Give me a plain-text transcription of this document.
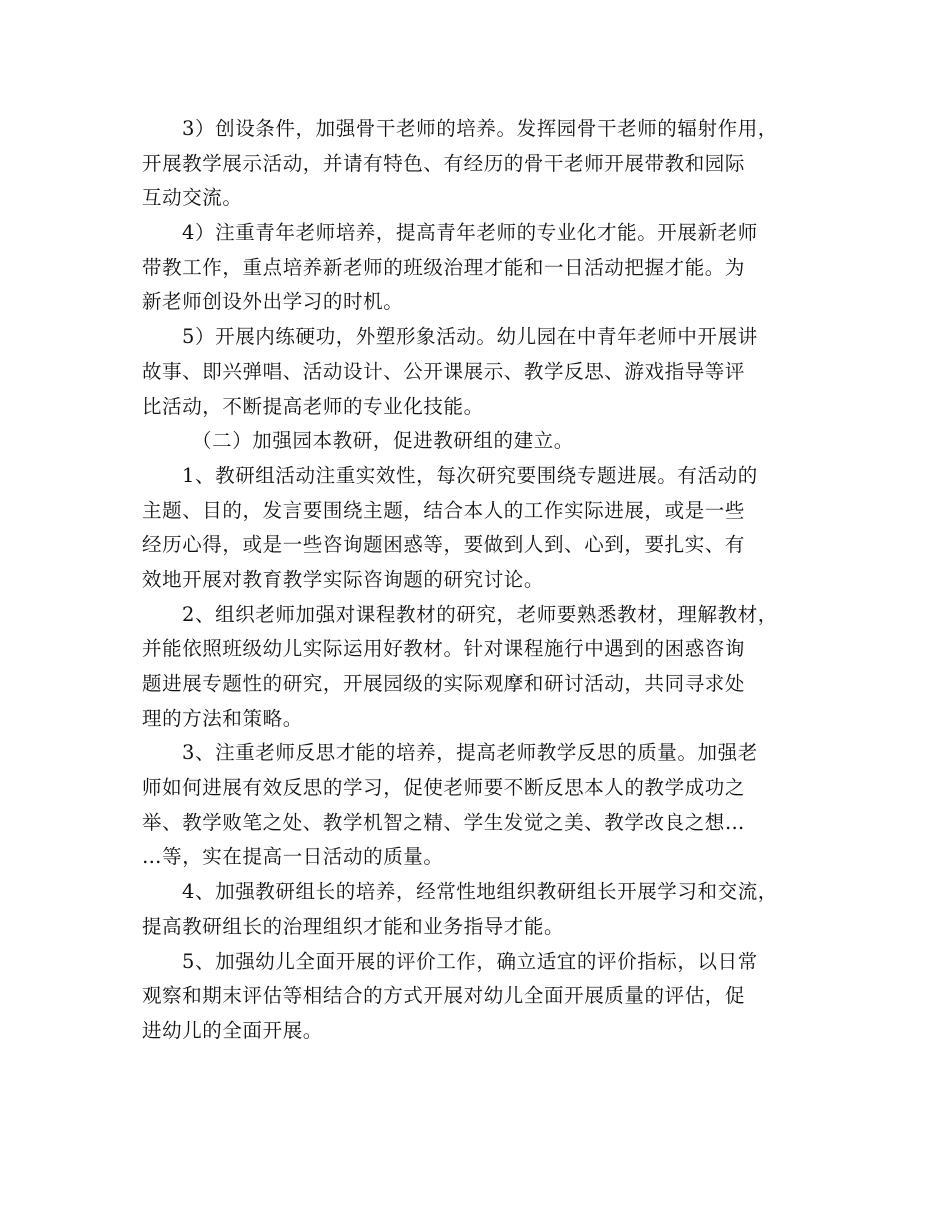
3）创设条件，加强骨干老师的培养。发挥园骨干老师的辐射作用，
开展教学展示活动，并请有特色、有经历的骨干老师开展带教和园际
互动交流。
4）注重青年老师培养，提高青年老师的专业化才能。开展新老师
带教工作，重点培养新老师的班级治理才能和一日活动把握才能。为
新老师创设外出学习的时机。
5）开展内练硬功，外塑形象活动。幼儿园在中青年老师中开展讲
故事、即兴弹唱、活动设计、公开课展示、教学反思、游戏指导等评
比活动，不断提高老师的专业化技能。
（二）加强园本教研，促进教研组的建立。
1、教研组活动注重实效性，每次研究要围绕专题进展。有活动的
主题、目的，发言要围绕主题，结合本人的工作实际进展，或是一些
经历心得，或是一些咨询题困惑等，要做到人到、心到，要扎实、有
效地开展对教育教学实际咨询题的研究讨论。
2、组织老师加强对课程教材的研究，老师要熟悉教材，理解教材，
并能依照班级幼儿实际运用好教材。针对课程施行中遇到的困惑咨询
题进展专题性的研究，开展园级的实际观摩和研讨活动，共同寻求处
理的方法和策略。
3、注重老师反思才能的培养，提高老师教学反思的质量。加强老
师如何进展有效反思的学习，促使老师要不断反思本人的教学成功之
举、教学败笔之处、教学机智之精、学生发觉之美、教学改良之想…
…等，实在提高一日活动的质量。
4、加强教研组长的培养，经常性地组织教研组长开展学习和交流，
提高教研组长的治理组织才能和业务指导才能。
5、加强幼儿全面开展的评价工作，确立适宜的评价指标，以日常
观察和期末评估等相结合的方式开展对幼儿全面开展质量的评估，促
进幼儿的全面开展。
